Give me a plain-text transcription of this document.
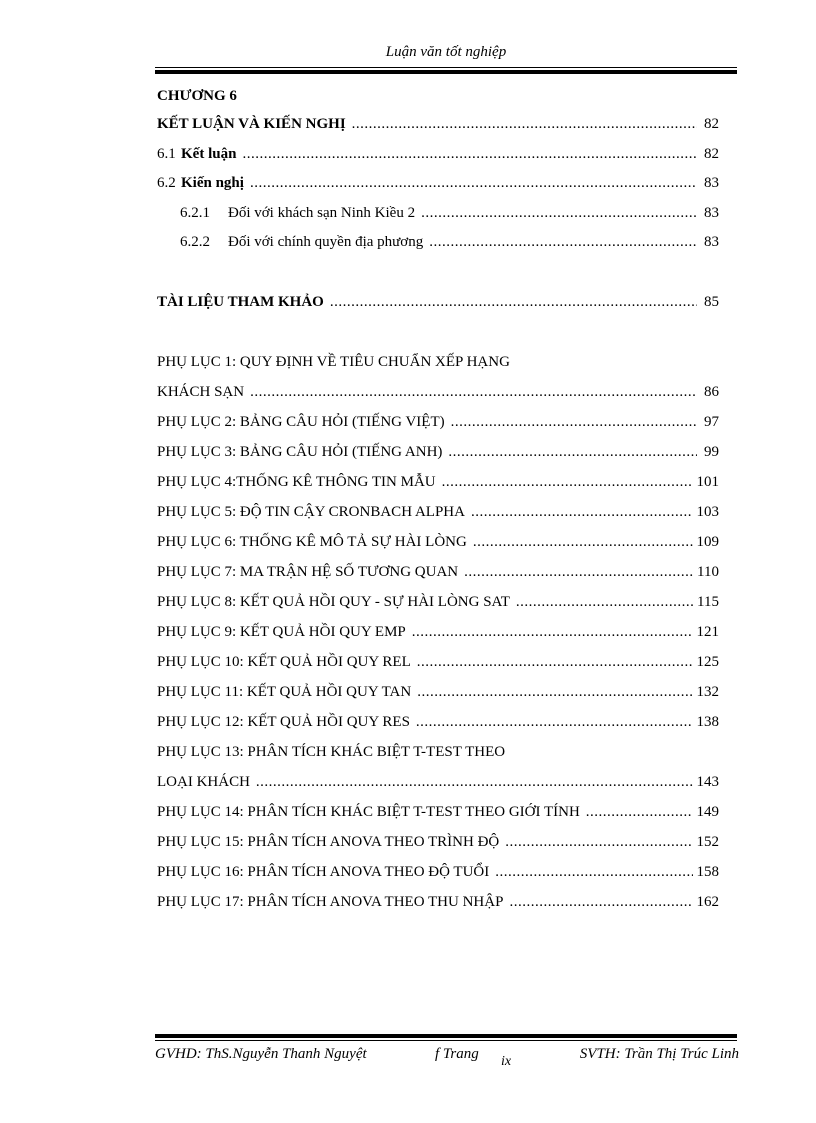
Luận văn tốt nghiệp
CHƯƠNG 6
KẾT LUẬN VÀ KIẾN NGHỊ .....	82
6.1 Kết luận .....	82
6.2 Kiến nghị .....	83
6.2.1	Đối với khách sạn Ninh Kiều 2 .....	83
6.2.2	Đối với chính quyền địa phương .....	83
TÀI LIỆU THAM KHẢO .....	85
PHỤ LỤC 1: QUY ĐỊNH VỀ TIÊU CHUẨN XẾP HẠNG
KHÁCH SẠN .....	86
PHỤ LỤC 2: BẢNG CÂU HỎI (TIẾNG VIỆT) .....	97
PHỤ LỤC 3: BẢNG CÂU HỎI (TIẾNG ANH) .....	99
PHỤ LỤC 4:THỐNG KÊ THÔNG TIN MẪU .....	101
PHỤ LỤC 5: ĐỘ TIN CẬY CRONBACH ALPHA .....	103
PHỤ LỤC 6: THỐNG KÊ MÔ TẢ SỰ HÀI LÒNG .....	109
PHỤ LỤC 7: MA TRẬN HỆ SỐ TƯƠNG QUAN .....	110
PHỤ LỤC 8: KẾT QUẢ HỒI QUY - SỰ HÀI LÒNG SAT .....	115
PHỤ LỤC 9: KẾT QUẢ HỒI QUY EMP .....	121
PHỤ LỤC 10: KẾT QUẢ HỒI QUY REL .....	125
PHỤ LỤC 11: KẾT QUẢ HỒI QUY TAN .....	132
PHỤ LỤC 12: KẾT QUẢ HỒI QUY RES .....	138
PHỤ LỤC 13: PHÂN TÍCH KHÁC BIỆT T-TEST THEO
LOẠI KHÁCH .....	143
PHỤ LỤC 14: PHÂN TÍCH KHÁC BIỆT T-TEST THEO GIỚI TÍNH .....	149
PHỤ LỤC 15: PHÂN TÍCH ANOVA THEO TRÌNH ĐỘ .....	152
PHỤ LỤC 16: PHÂN TÍCH ANOVA THEO ĐỘ TUỔI .....	158
PHỤ LỤC 17: PHÂN TÍCH ANOVA THEO THU NHẬP .....	162
GVHD: ThS.Nguyễn Thanh Nguyệt	f Trang ix	SVTH: Trần Thị Trúc Linh
